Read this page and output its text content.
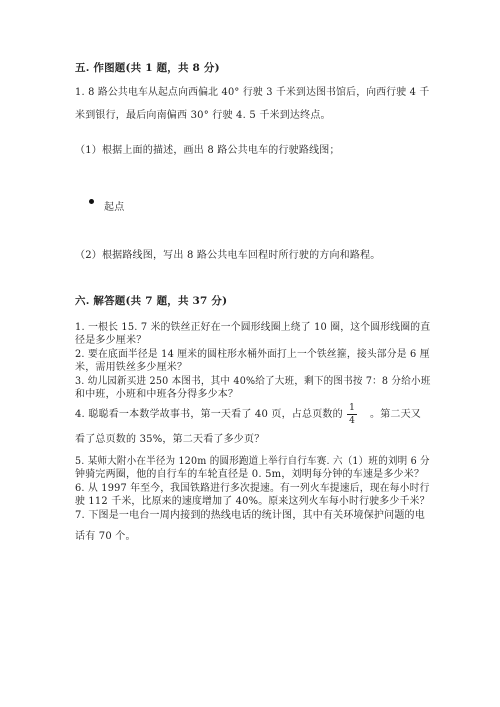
五. 作图题(共 1 题，共 8 分)
1. 8 路公共电车从起点向西偏北 40° 行驶 3 千米到达图书馆后，向西行驶 4 千
米到银行，最后向南偏西 30° 行驶 4. 5 千米到达终点。
（1）根据上面的描述，画出 8 路公共电车的行驶路线图；
起点
（2）根据路线图，写出 8 路公共电车回程时所行驶的方向和路程。
六. 解答题(共 7 题，共 37 分)
1. 一根长 15. 7 米的铁丝正好在一个圆形线圈上绕了 10 圈，这个圆形线圈的直
径是多少厘米？
2. 要在底面半径是 14 厘米的圆柱形水桶外面打上一个铁丝箍，接头部分是 6 厘
米，需用铁丝多少厘米？
3. 幼儿园新买进 250 本图书，其中 40%给了大班，剩下的图书按 7：8 分给小班
和中班，小班和中班各分得多少本？
4. 聪聪看一本数学故事书，第一天看了 40 页，占总页数的
1
4
。第二天又
看了总页数的 35%，第二天看了多少页？
5. 某师大附小在半径为 120m 的圆形跑道上举行自行车赛. 六（1）班的刘明 6 分
钟骑完两圈，他的自行车的车轮直径是 0. 5m，刘明每分钟的车速是多少米？
6. 从 1997 年至今，我国铁路进行多次提速。有一列火车提速后，现在每小时行
驶 112 千米，比原来的速度增加了 40%。原来这列火车每小时行驶多少千米？
7. 下图是一电台一周内接到的热线电话的统计图，其中有关环境保护问题的电
话有 70 个。
